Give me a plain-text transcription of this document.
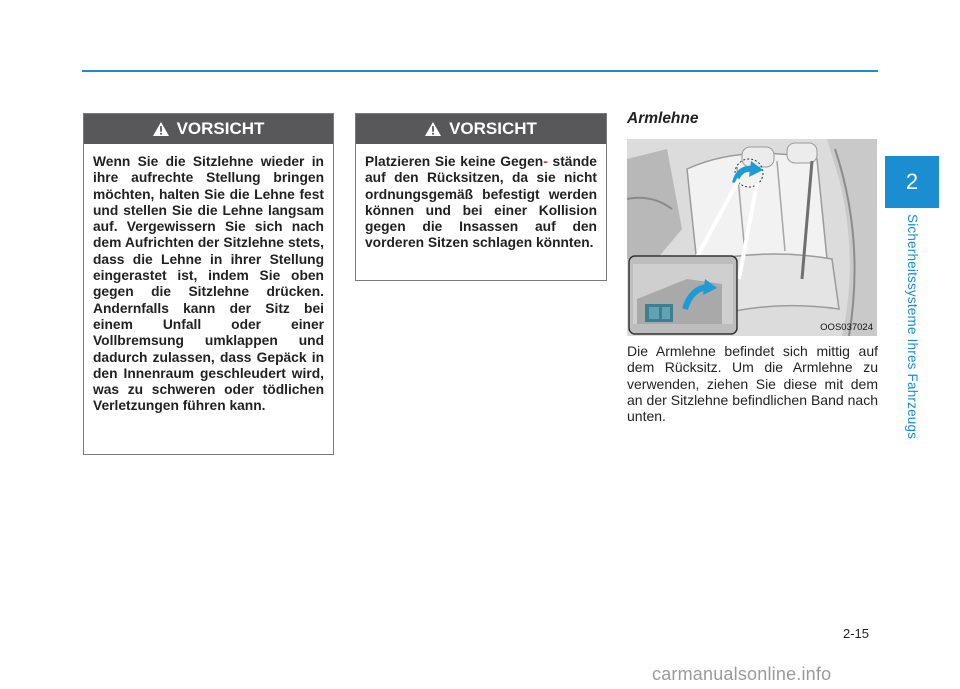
2
Sicherheitssysteme Ihres Fahrzeugs
VORSICHT
Wenn Sie die Sitzlehne wieder in ihre aufrechte Stellung bringen möchten, halten Sie die Lehne fest und stellen Sie die Lehne langsam auf. Vergewissern Sie sich nach dem Aufrichten der Sitzlehne stets, dass die Lehne in ihrer Stellung eingerastet ist, indem Sie oben gegen die Sitzlehne drücken. Andernfalls kann der Sitz bei einem Unfall oder einer Vollbremsung umklappen und dadurch zulassen, dass Gepäck in den Innenraum geschleudert wird, was zu schweren oder tödlichen Verletzungen führen kann.
VORSICHT
Platzieren Sie keine Gegen- stände auf den Rücksitzen, da sie nicht ordnungsgemäß befestigt werden können und bei einer Kollision gegen die Insassen auf den vorderen Sitzen schlagen könnten.
Armlehne
OOS037024
Die Armlehne befindet sich mittig auf dem Rücksitz. Um die Armlehne zu verwenden, ziehen Sie diese mit dem an der Sitzlehne befindlichen Band nach unten.
2-15
carmanualsonline.info
